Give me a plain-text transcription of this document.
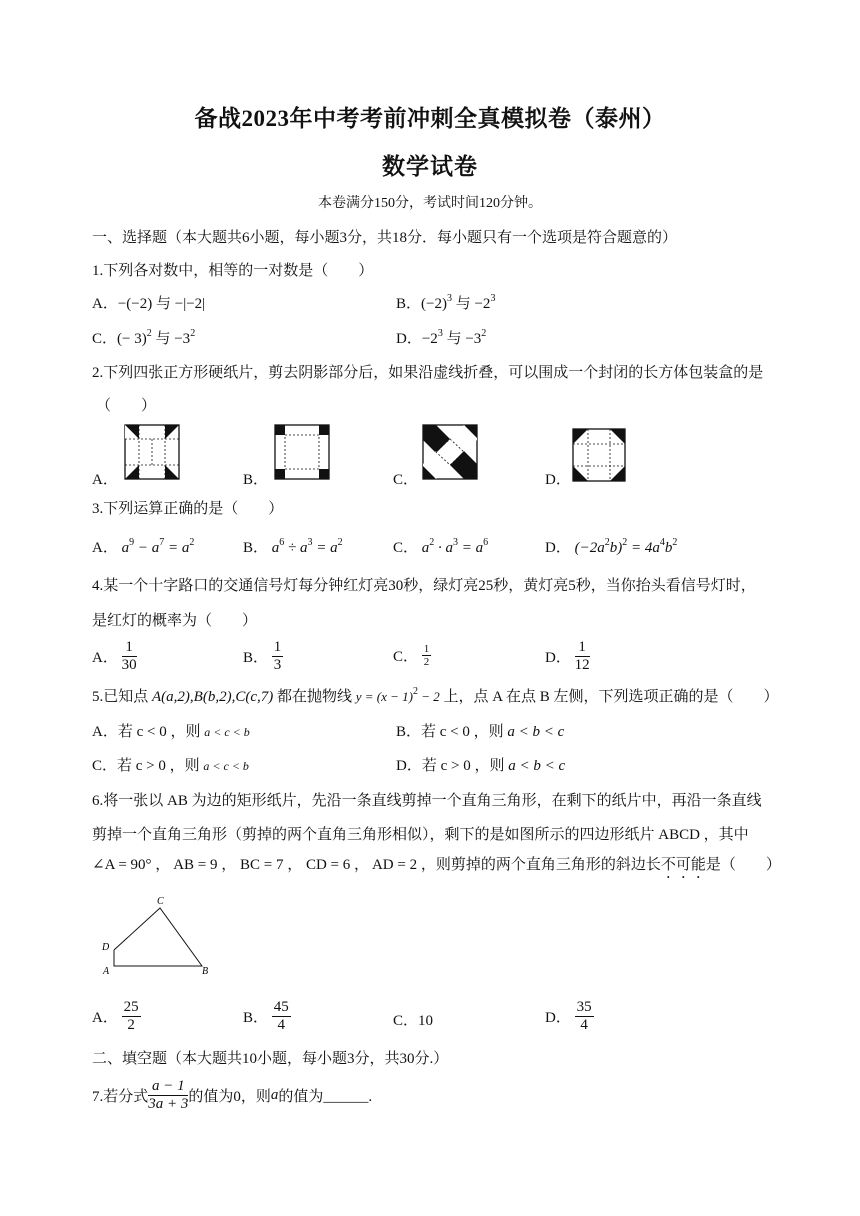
备战2023年中考考前冲刺全真模拟卷（泰州）
数学试卷
本卷满分150分，考试时间120分钟。
一、选择题（本大题共6小题，每小题3分，共18分．每小题只有一个选项是符合题意的）
1.下列各对数中，相等的一对数是（　　）
A．−(−2) 与 −|−2|	B．$(-2)^3$ 与 $-2^3$
C．(− 3)$^2$ 与 $-3^2$	D．$-2^3$ 与 $-3^2$
2.下列四张正方形硬纸片，剪去阴影部分后，如果沿虚线折叠，可以围成一个封闭的长方体包装盒的是
（　　）
A．	B．	C．	D．
3.下列运算正确的是（　　）
A． $a^9 - a^7 = a^2$	B． $a^6 \div a^3 = a^2$	C． $a^2 \cdot a^3 = a^6$	D． $(-2a^2b)^2 = 4a^4b^2$
4.某一个十字路口的交通信号灯每分钟红灯亮30秒，绿灯亮25秒，黄灯亮5秒，当你抬头看信号灯时，
是红灯的概率为（　　）
A． $\frac{1}{30}$	B． $\frac{1}{3}$	C． $\frac{1}{2}$	D． $\frac{1}{12}$
5.已知点 A(a,2),B(b,2),C(c,7) 都在抛物线 $y = (x - 1)^2 - 2$ 上，点 A 在点 B 左侧，下列选项正确的是（　　）
A．若 c < 0 ，则 a < c < b	B．若 c < 0 ，则 a < b < c
C．若 c > 0 ，则 a < c < b	D．若 c > 0 ，则 a < b < c
6.将一张以 AB 为边的矩形纸片，先沿一条直线剪掉一个直角三角形，在剩下的纸片中，再沿一条直线
剪掉一个直角三角形（剪掉的两个直角三角形相似），剩下的是如图所示的四边形纸片 ABCD ，其中
∠A = 90° ， AB = 9 ， BC = 7 ， CD = 6 ， AD = 2 ，则剪掉的两个直角三角形的斜边长不可能是（　　）
C
D
A	B
A． $\frac{25}{2}$	B． $\frac{45}{4}$	C．10	D． $\frac{35}{4}$
二、填空题（本大题共10小题，每小题3分，共30分.）
7.若分式 $\frac{a - 1}{3a + 3}$ 的值为0，则a的值为______.
